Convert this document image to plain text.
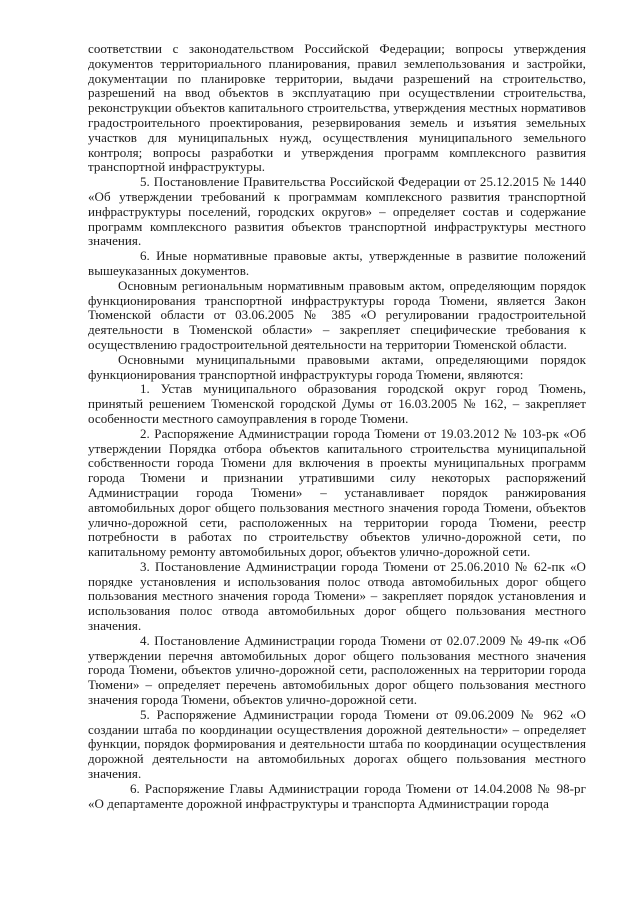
соответствии с законодательством Российской Федерации; вопросы утверждения документов территориального планирования, правил землепользования и застройки, документации по планировке территории, выдачи разрешений на строительство, разрешений на ввод объектов в эксплуатацию при осуществлении строительства, реконструкции объектов капитального строительства, утверждения местных нормативов градостроительного проектирования, резервирования земель и изъятия земельных участков для муниципальных нужд, осуществления муниципального земельного контроля; вопросы разработки и утверждения программ комплексного развития транспортной инфраструктуры.

5. Постановление Правительства Российской Федерации от 25.12.2015 № 1440 «Об утверждении требований к программам комплексного развития транспортной инфраструктуры поселений, городских округов» – определяет состав и содержание программ комплексного развития объектов транспортной инфраструктуры местного значения.

6. Иные нормативные правовые акты, утвержденные в развитие положений вышеуказанных документов.

Основным региональным нормативным правовым актом, определяющим порядок функционирования транспортной инфраструктуры города Тюмени, является Закон Тюменской области от 03.06.2005 № 385 «О регулировании градостроительной деятельности в Тюменской области» – закрепляет специфические требования к осуществлению градостроительной деятельности на территории Тюменской области.

Основными муниципальными правовыми актами, определяющими порядок функционирования транспортной инфраструктуры города Тюмени, являются:

1. Устав муниципального образования городской округ город Тюмень, принятый решением Тюменской городской Думы от 16.03.2005 № 162, – закрепляет особенности местного самоуправления в городе Тюмени.

2. Распоряжение Администрации города Тюмени от 19.03.2012 № 103-рк «Об утверждении Порядка отбора объектов капитального строительства муниципальной собственности города Тюмени для включения в проекты муниципальных программ города Тюмени и признании утратившими силу некоторых распоряжений Администрации города Тюмени» – устанавливает порядок ранжирования автомобильных дорог общего пользования местного значения города Тюмени, объектов улично-дорожной сети, расположенных на территории города Тюмени, реестр потребности в работах по строительству объектов улично-дорожной сети, по капитальному ремонту автомобильных дорог, объектов улично-дорожной сети.

3. Постановление Администрации города Тюмени от 25.06.2010 № 62-пк «О порядке установления и использования полос отвода автомобильных дорог общего пользования местного значения города Тюмени» – закрепляет порядок установления и использования полос отвода автомобильных дорог общего пользования местного значения.

4. Постановление Администрации города Тюмени от 02.07.2009 № 49-пк «Об утверждении перечня автомобильных дорог общего пользования местного значения города Тюмени, объектов улично-дорожной сети, расположенных на территории города Тюмени» – определяет перечень автомобильных дорог общего пользования местного значения города Тюмени, объектов улично-дорожной сети.

5. Распоряжение Администрации города Тюмени от 09.06.2009 № 962 «О создании штаба по координации осуществления дорожной деятельности» – определяет функции, порядок формирования и деятельности штаба по координации осуществления дорожной деятельности на автомобильных дорогах общего пользования местного значения.

6. Распоряжение Главы Администрации города Тюмени от 14.04.2008 № 98-рг «О департаменте дорожной инфраструктуры и транспорта Администрации города
